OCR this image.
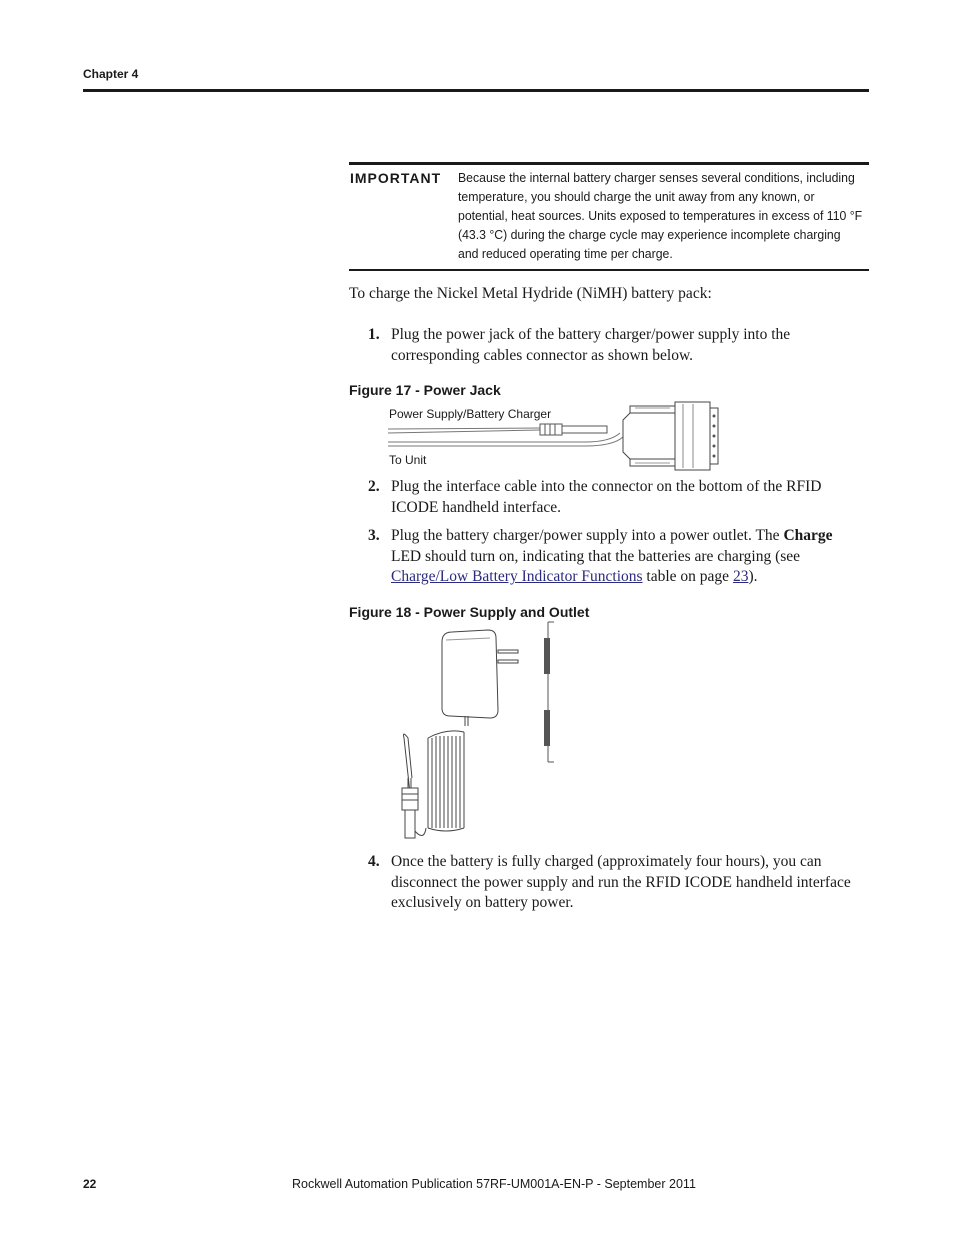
Chapter 4
IMPORTANT Because the internal battery charger senses several conditions, including temperature, you should charge the unit away from any known, or potential, heat sources. Units exposed to temperatures in excess of 110 °F (43.3 °C) during the charge cycle may experience incomplete charging and reduced operating time per charge.
To charge the Nickel Metal Hydride (NiMH) battery pack:
1. Plug the power jack of the battery charger/power supply into the corresponding cables connector as shown below.
Figure 17 - Power Jack
Power Supply/Battery Charger
To Unit
2. Plug the interface cable into the connector on the bottom of the RFID ICODE handheld interface.
3. Plug the battery charger/power supply into a power outlet. The Charge LED should turn on, indicating that the batteries are charging (see Charge/Low Battery Indicator Functions table on page 23).
Figure 18 - Power Supply and Outlet
4. Once the battery is fully charged (approximately four hours), you can disconnect the power supply and run the RFID ICODE handheld interface exclusively on battery power.
22	Rockwell Automation Publication 57RF-UM001A-EN-P - September 2011
